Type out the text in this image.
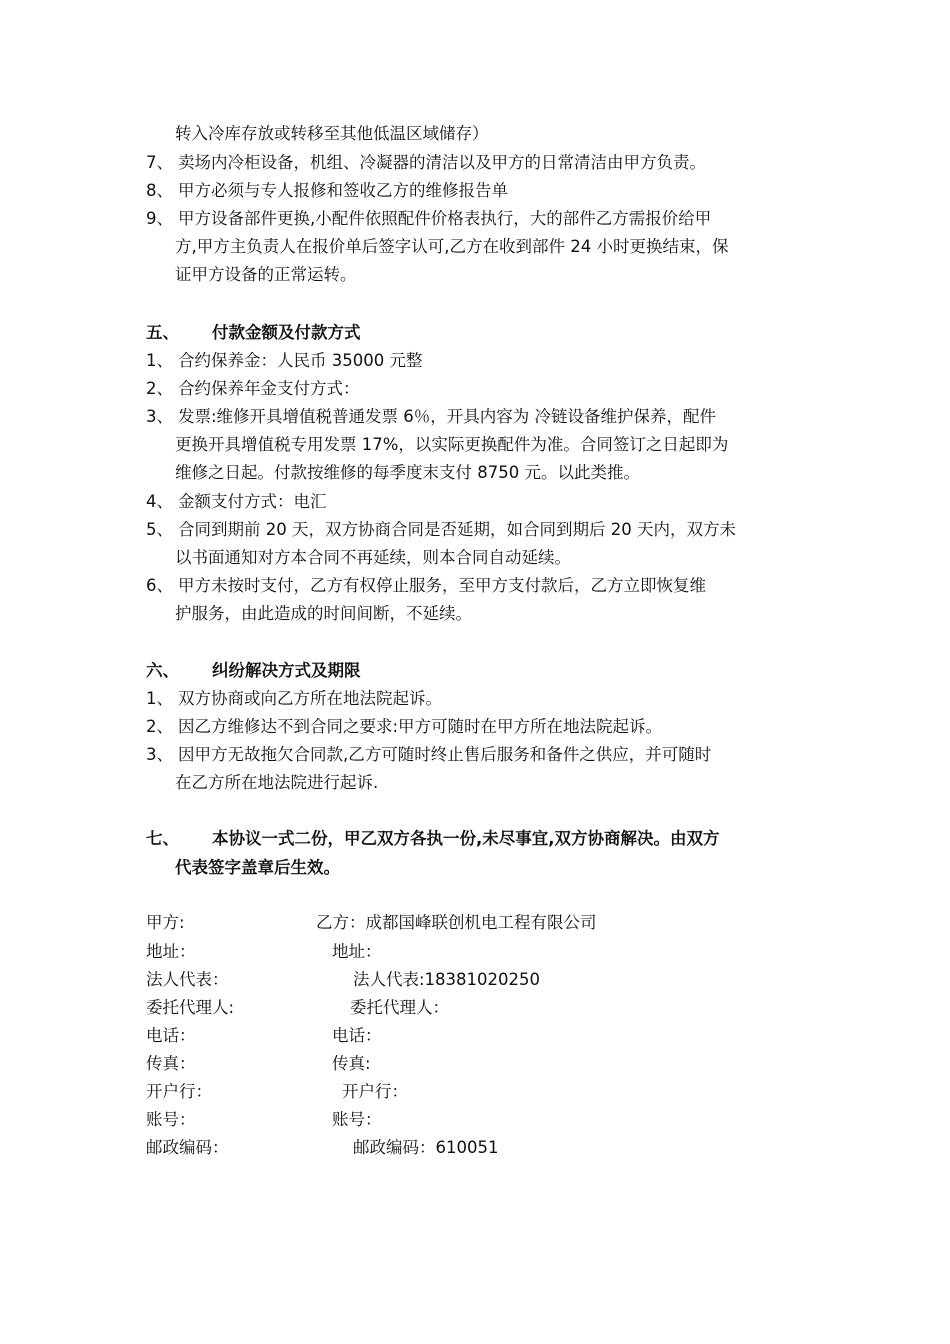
转入冷库存放或转移至其他低温区域储存）
7、 卖场内冷柜设备，机组、冷凝器的清洁以及甲方的日常清洁由甲方负责。
8、 甲方必须与专人报修和签收乙方的维修报告单
9、 甲方设备部件更换,小配件依照配件价格表执行，大的部件乙方需报价给甲
方,甲方主负责人在报价单后签字认可,乙方在收到部件 24 小时更换结束，保
证甲方设备的正常运转。
五、 付款金额及付款方式
1、 合约保养金：人民币 35000 元整
2、 合约保养年金支付方式：
3、 发票:维修开具增值税普通发票 6％，开具内容为 冷链设备维护保养，配件
更换开具增值税专用发票 17%，以实际更换配件为准。合同签订之日起即为
维修之日起。付款按维修的每季度末支付 8750 元。以此类推。
4、 金额支付方式：电汇
5、 合同到期前 20 天，双方协商合同是否延期，如合同到期后 20 天内，双方未
以书面通知对方本合同不再延续，则本合同自动延续。
6、 甲方未按时支付，乙方有权停止服务，至甲方支付款后，乙方立即恢复维
护服务，由此造成的时间间断，不延续。
六、 纠纷解决方式及期限
1、 双方协商或向乙方所在地法院起诉。
2、 因乙方维修达不到合同之要求:甲方可随时在甲方所在地法院起诉。
3、 因甲方无故拖欠合同款,乙方可随时终止售后服务和备件之供应，并可随时
在乙方所在地法院进行起诉.
七、 本协议一式二份，甲乙双方各执一份,未尽事宜,双方协商解决。由双方
代表签字盖章后生效。
甲方:	乙方：成都国峰联创机电工程有限公司
地址：	地址：
法人代表：	法人代表:18381020250
委托代理人:	委托代理人：
电话：	电话：
传真：	传真:
开户行：	开户行：
账号：	账号：
邮政编码：	邮政编码：610051
